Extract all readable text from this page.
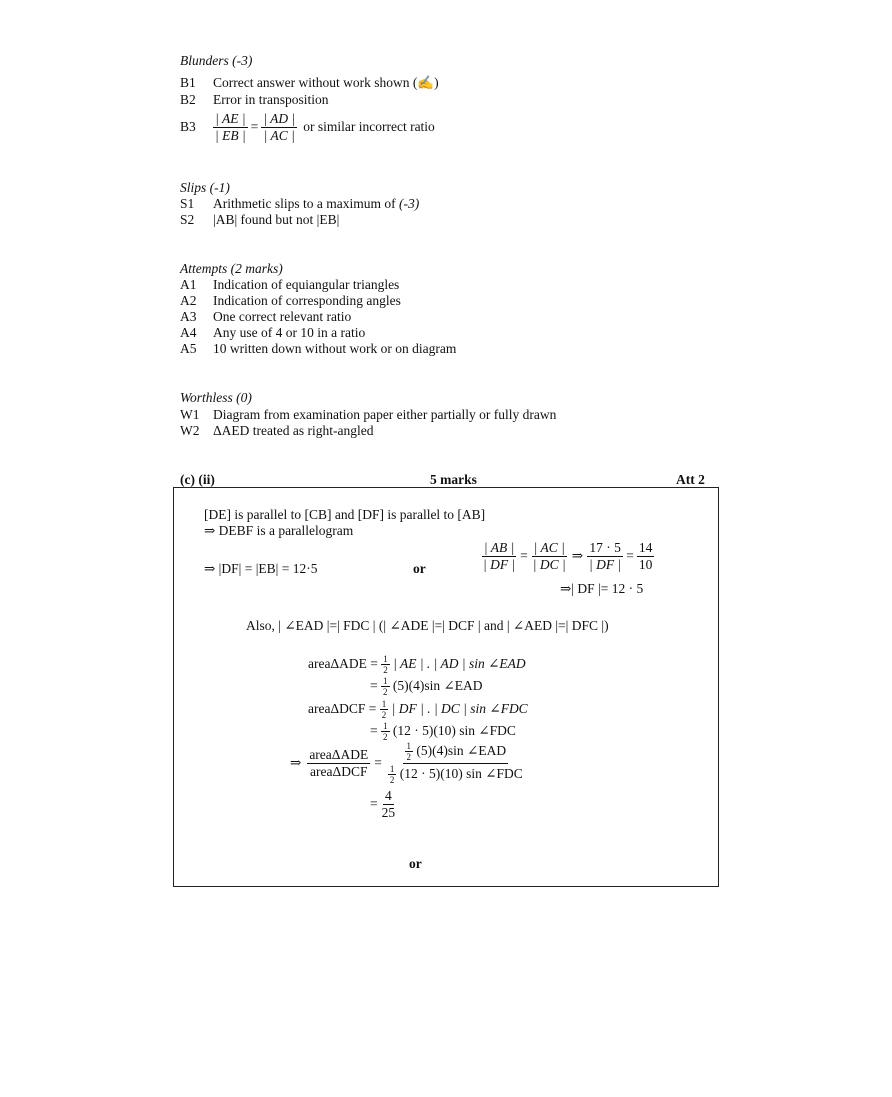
Blunders (-3)
B1 Correct answer without work shown (✍)
B2 Error in transposition
B3	$\frac{| AE |}{| EB |} = \frac{| AD |}{| AC |}$ or similar incorrect ratio
Slips (-1)
S1 Arithmetic slips to a maximum of (-3)
S2 |AB| found but not |EB|
Attempts (2 marks)
A1 Indication of equiangular triangles
A2 Indication of corresponding angles
A3 One correct relevant ratio
A4 Any use of 4 or 10 in a ratio
A5 10 written down without work or on diagram
Worthless (0)
W1 Diagram from examination paper either partially or fully drawn
W2 ΔAED treated as right-angled
(c) (ii)	5 marks	Att 2
[DE] is parallel to [CB] and [DF] is parallel to [AB]
⇒ DEBF is a parallelogram
⇒ |DF| = |EB| = 12·5	or	$\frac{| AB |}{| DF |} = \frac{| AC |}{| DC |}$ ⇒ $\frac{17 \cdot 5}{| DF |} = \frac{14}{10}$
⇒| DF |= 12 · 5
Also, | ∠EAD |=| FDC | (| ∠ADE |=| DCF | and | ∠AED |=| DFC |)
areaΔADE = $\frac{1}{2}$ | AE | . | AD | sin ∠EAD
= $\frac{1}{2} (5)(4)\sin$ ∠EAD
areaΔDCF = $\frac{1}{2}$ | DF | . | DC | sin ∠FDC
= $\frac{1}{2} (12 \cdot 5)(10)$ sin ∠FDC
⇒ $\frac{\text{areaΔADE}}{\text{areaΔDCF}} = \frac{\frac{1}{2} (5)(4)\sin \angle EAD}{\frac{1}{2} (12 \cdot 5)(10) \sin \angle FDC}$
= $\frac{4}{25}$
or
